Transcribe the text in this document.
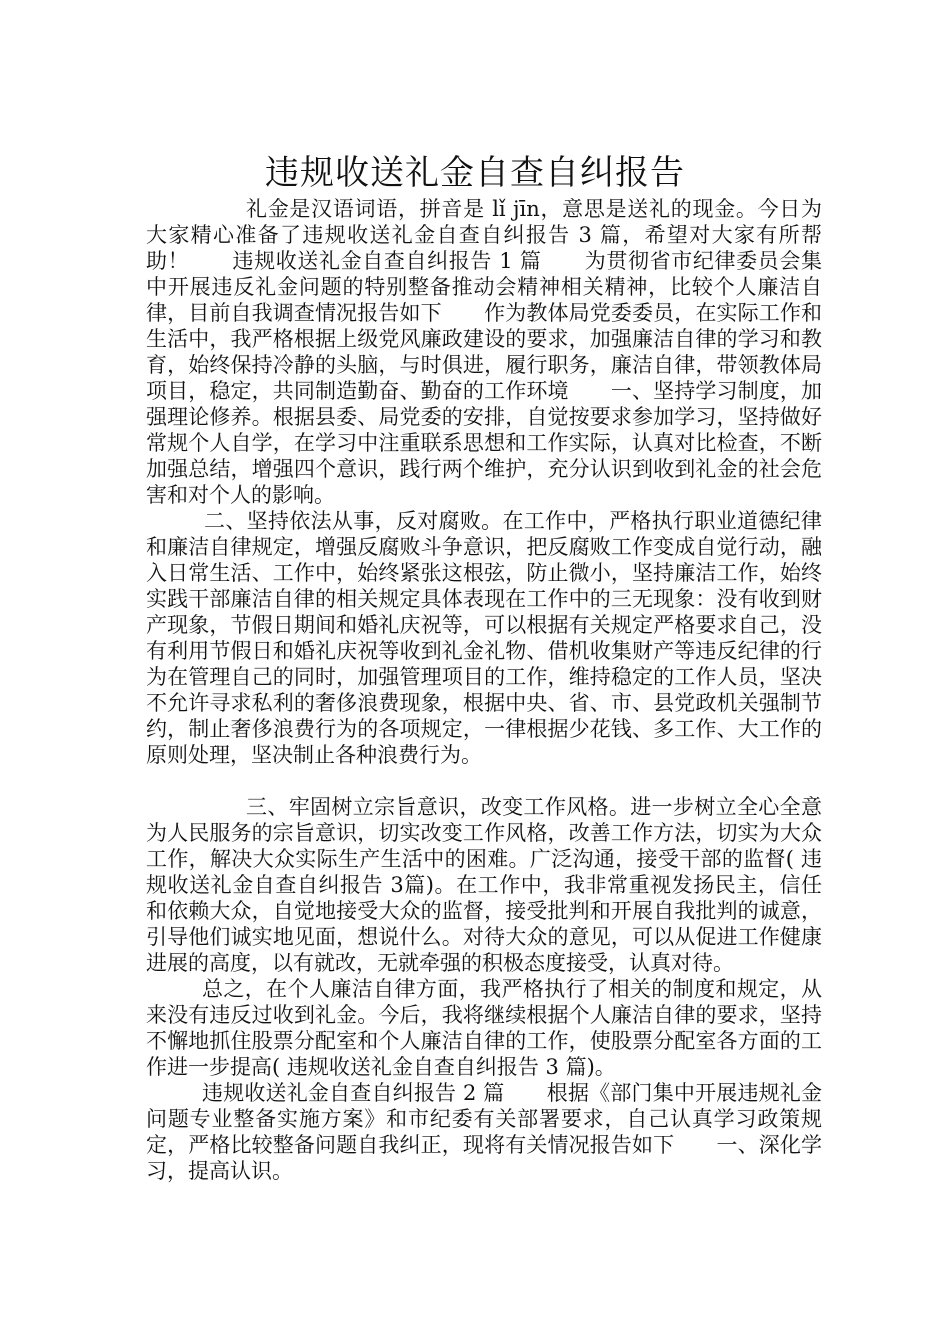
违规收送礼金自查自纠报告

礼金是汉语词语，拼音是 lǐ jīn，意思是送礼的现金。今日为大家精心准备了违规收送礼金自查自纠报告 3 篇，希望对大家有所帮助！　　违规收送礼金自查自纠报告 1 篇　　为贯彻省市纪律委员会集中开展违反礼金问题的特别整备推动会精神相关精神，比较个人廉洁自律，目前自我调查情况报告如下　　作为教体局党委委员，在实际工作和生活中，我严格根据上级党风廉政建设的要求，加强廉洁自律的学习和教育，始终保持冷静的头脑，与时俱进，履行职务，廉洁自律，带领教体局项目，稳定，共同制造勤奋、勤奋的工作环境　　一、坚持学习制度，加强理论修养。根据县委、局党委的安排，自觉按要求参加学习，坚持做好常规个人自学，在学习中注重联系思想和工作实际，认真对比检查，不断加强总结，增强四个意识，践行两个维护，充分认识到收到礼金的社会危害和对个人的影响。

二、坚持依法从事，反对腐败。在工作中，严格执行职业道德纪律和廉洁自律规定，增强反腐败斗争意识，把反腐败工作变成自觉行动，融入日常生活、工作中，始终紧张这根弦，防止微小，坚持廉洁工作，始终实践干部廉洁自律的相关规定具体表现在工作中的三无现象：没有收到财产现象，节假日期间和婚礼庆祝等，可以根据有关规定严格要求自己，没有利用节假日和婚礼庆祝等收到礼金礼物、借机收集财产等违反纪律的行为在管理自己的同时，加强管理项目的工作，维持稳定的工作人员，坚决不允许寻求私利的奢侈浪费现象，根据中央、省、市、县党政机关强制节约，制止奢侈浪费行为的各项规定，一律根据少花钱、多工作、大工作的原则处理，坚决制止各种浪费行为。

三、牢固树立宗旨意识，改变工作风格。进一步树立全心全意为人民服务的宗旨意识，切实改变工作风格，改善工作方法，切实为大众工作，解决大众实际生产生活中的困难。广泛沟通，接受干部的监督( 违规收送礼金自查自纠报告 3篇)。在工作中，我非常重视发扬民主，信任和依赖大众，自觉地接受大众的监督，接受批判和开展自我批判的诚意，引导他们诚实地见面，想说什么。对待大众的意见，可以从促进工作健康进展的高度，以有就改，无就牵强的积极态度接受，认真对待。

总之，在个人廉洁自律方面，我严格执行了相关的制度和规定，从来没有违反过收到礼金。今后，我将继续根据个人廉洁自律的要求，坚持不懈地抓住股票分配室和个人廉洁自律的工作，使股票分配室各方面的工作进一步提高( 违规收送礼金自查自纠报告 3 篇)。

违规收送礼金自查自纠报告 2 篇　　根据《部门集中开展违规礼金问题专业整备实施方案》和市纪委有关部署要求，自己认真学习政策规定，严格比较整备问题自我纠正，现将有关情况报告如下　　一、深化学习，提高认识。
